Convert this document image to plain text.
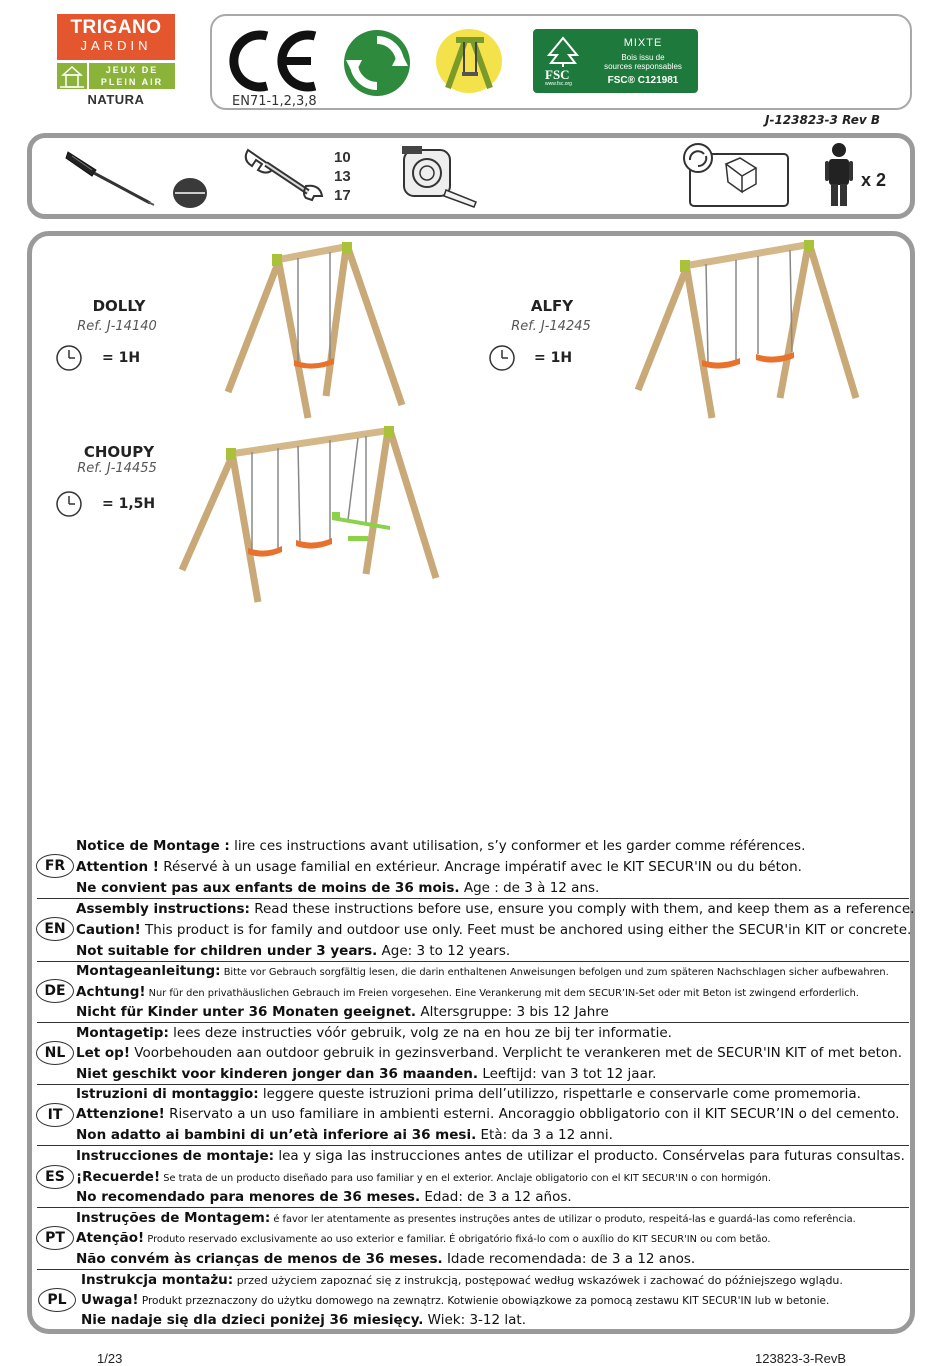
TRIGANO
JARDIN
JEUX DE
PLEIN AIR
NATURA	EN71-1,2,3,8
FSC
www.fsc.org
MIXTE
Bois issu de
sources responsables
FSC® C121981
J-123823-3 Rev B
10
13
17
x 2
DOLLY
Ref. J-14140
= 1H
ALFY
Ref. J-14245
= 1H
CHOUPY
Ref. J-14455
= 1,5H
FR
Notice de Montage : lire ces instructions avant utilisation, s’y conformer et les garder comme références.
Attention ! Réservé à un usage familial en extérieur. Ancrage impératif avec le KIT SECUR'IN ou du béton.
Ne convient pas aux enfants de moins de 36 mois. Age : de 3 à 12 ans.
EN
Assembly instructions: Read these instructions before use, ensure you comply with them, and keep them as a reference.
Caution! This product is for family and outdoor use only. Feet must be anchored using either the SECUR'in KIT or concrete.
Not suitable for children under 3 years. Age: 3 to 12 years.
DE
Montageanleitung: Bitte vor Gebrauch sorgfältig lesen, die darin enthaltenen Anweisungen befolgen und zum späteren Nachschlagen sicher aufbewahren.
Achtung! Nur für den privathäuslichen Gebrauch im Freien vorgesehen. Eine Verankerung mit dem SECUR’IN-Set oder mit Beton ist zwingend erforderlich.
Nicht für Kinder unter 36 Monaten geeignet. Altersgruppe: 3 bis 12 Jahre
NL
Montagetip: lees deze instructies vóór gebruik, volg ze na en hou ze bij ter informatie.
Let op! Voorbehouden aan outdoor gebruik in gezinsverband. Verplicht te verankeren met de SECUR'IN KIT of met beton.
Niet geschikt voor kinderen jonger dan 36 maanden. Leeftijd: van 3 tot 12 jaar.
IT
Istruzioni di montaggio: leggere queste istruzioni prima dell’utilizzo, rispettarle e conservarle come promemoria.
Attenzione! Riservato a un uso familiare in ambienti esterni. Ancoraggio obbligatorio con il KIT SECUR’IN o del cemento.
Non adatto ai bambini di un’età inferiore ai 36 mesi. Età: da 3 a 12 anni.
ES
Instrucciones de montaje: lea y siga las instrucciones antes de utilizar el producto. Consérvelas para futuras consultas.
¡Recuerde! Se trata de un producto diseñado para uso familiar y en el exterior. Anclaje obligatorio con el KIT SECUR'IN o con hormigón.
No recomendado para menores de 36 meses. Edad: de 3 a 12 años.
PT
Instruções de Montagem: é favor ler atentamente as presentes instruções antes de utilizar o produto, respeitá-las e guardá-las como referência.
Atenção! Produto reservado exclusivamente ao uso exterior e familiar. É obrigatório fixá-lo com o auxílio do KIT SECUR'IN ou com betão.
Não convém às crianças de menos de 36 meses. Idade recomendada: de 3 a 12 anos.
PL
Instrukcja montażu: przed użyciem zapoznać się z instrukcją, postępować według wskazówek i zachować do późniejszego wglądu.
Uwaga! Produkt przeznaczony do użytku domowego na zewnątrz. Kotwienie obowiązkowe za pomocą zestawu KIT SECUR'IN lub w betonie.
Nie nadaje się dla dzieci poniżej 36 miesięcy. Wiek: 3-12 lat.
1/23	123823-3-RevB
